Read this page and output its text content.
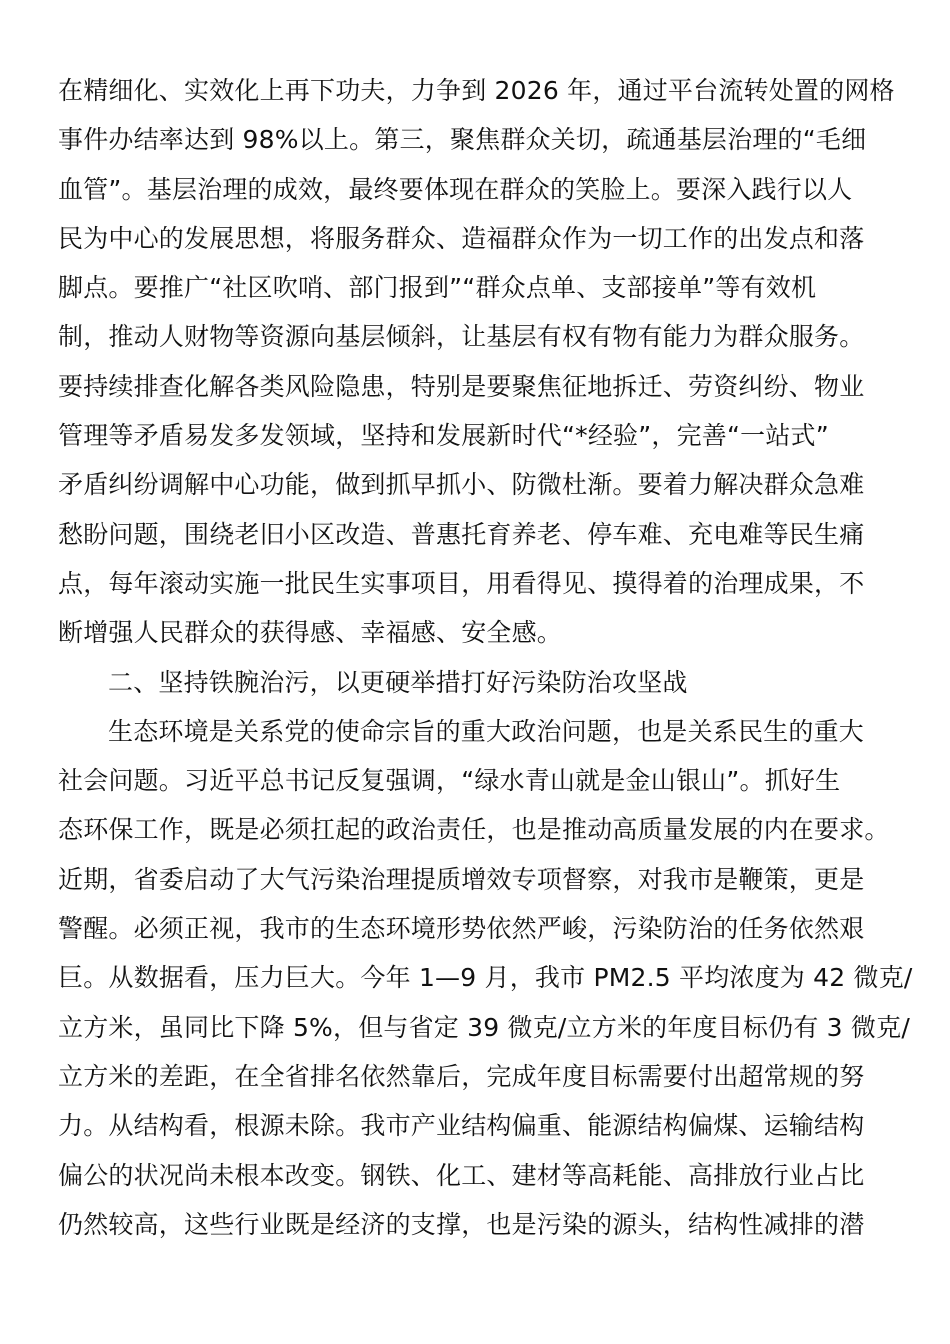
在精细化、实效化上再下功夫，力争到 2026 年，通过平台流转处置的网格
事件办结率达到 98%以上。第三，聚焦群众关切，疏通基层治理的“毛细
血管”。基层治理的成效，最终要体现在群众的笑脸上。要深入践行以人
民为中心的发展思想，将服务群众、造福群众作为一切工作的出发点和落
脚点。要推广“社区吹哨、部门报到”“群众点单、支部接单”等有效机
制，推动人财物等资源向基层倾斜，让基层有权有物有能力为群众服务。
要持续排查化解各类风险隐患，特别是要聚焦征地拆迁、劳资纠纷、物业
管理等矛盾易发多发领域，坚持和发展新时代“*经验”，完善“一站式”
矛盾纠纷调解中心功能，做到抓早抓小、防微杜渐。要着力解决群众急难
愁盼问题，围绕老旧小区改造、普惠托育养老、停车难、充电难等民生痛
点，每年滚动实施一批民生实事项目，用看得见、摸得着的治理成果，不
断增强人民群众的获得感、幸福感、安全感。
二、坚持铁腕治污，以更硬举措打好污染防治攻坚战
生态环境是关系党的使命宗旨的重大政治问题，也是关系民生的重大
社会问题。习近平总书记反复强调，“绿水青山就是金山银山”。抓好生
态环保工作，既是必须扛起的政治责任，也是推动高质量发展的内在要求。
近期，省委启动了大气污染治理提质增效专项督察，对我市是鞭策，更是
警醒。必须正视，我市的生态环境形势依然严峻，污染防治的任务依然艰
巨。从数据看，压力巨大。今年 1—9 月，我市 PM2.5 平均浓度为 42 微克/
立方米，虽同比下降 5%，但与省定 39 微克/立方米的年度目标仍有 3 微克/
立方米的差距，在全省排名依然靠后，完成年度目标需要付出超常规的努
力。从结构看，根源未除。我市产业结构偏重、能源结构偏煤、运输结构
偏公的状况尚未根本改变。钢铁、化工、建材等高耗能、高排放行业占比
仍然较高，这些行业既是经济的支撑，也是污染的源头，结构性减排的潜
